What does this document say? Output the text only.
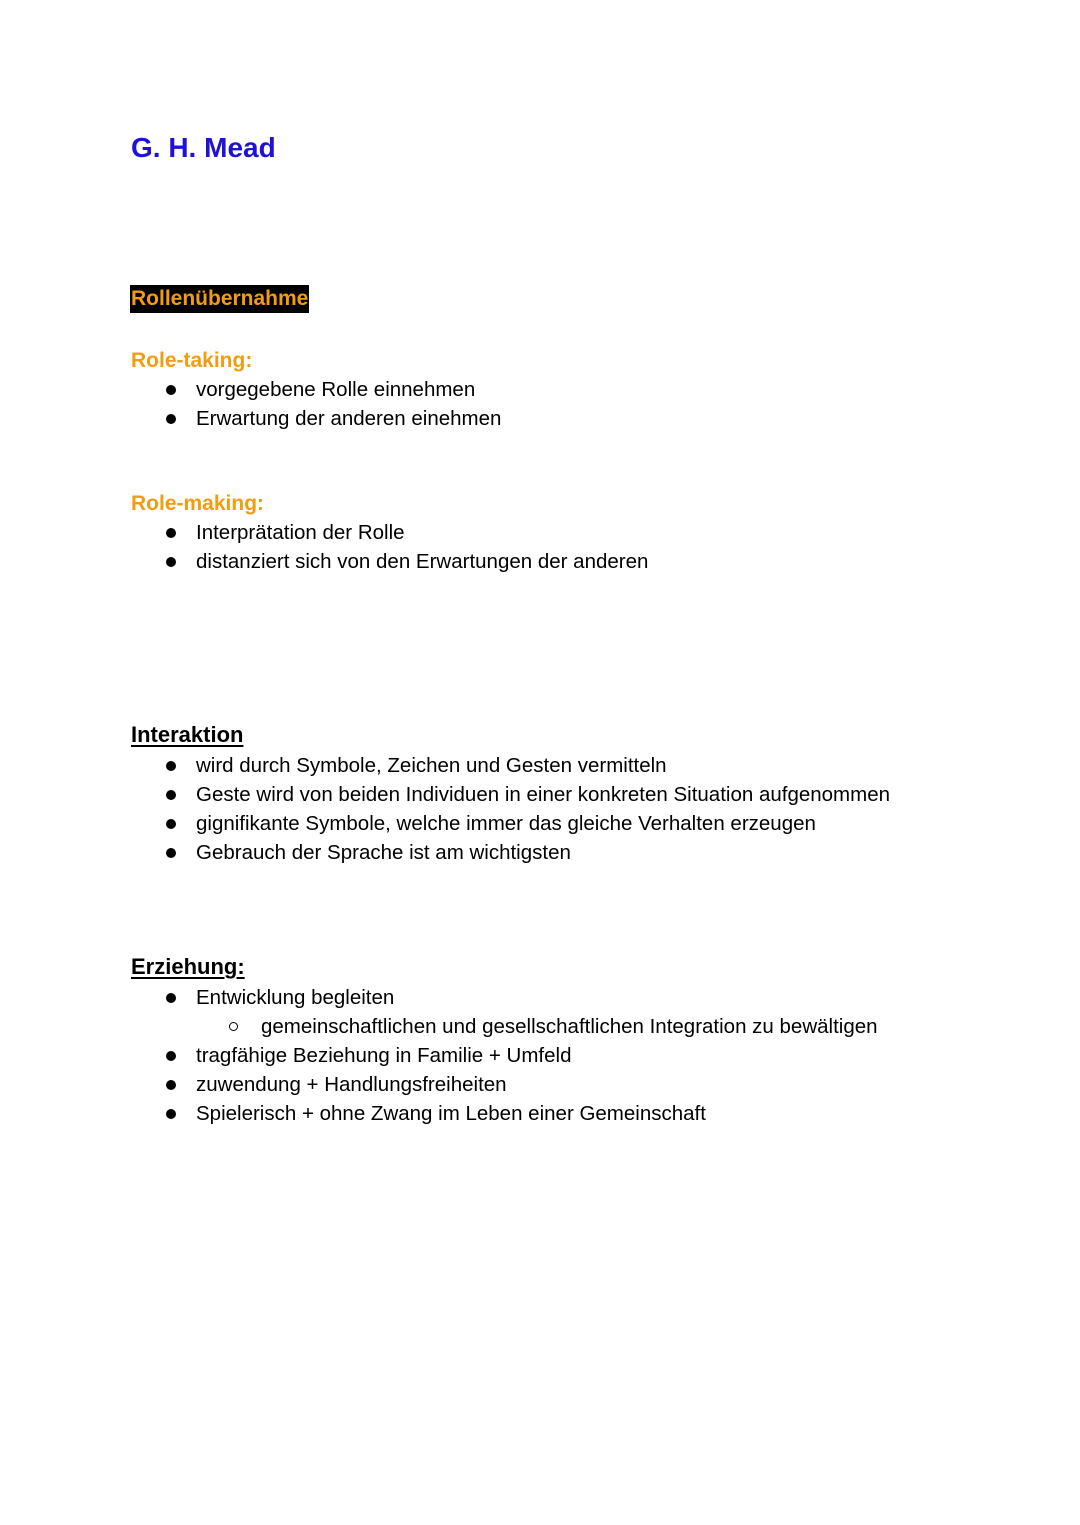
G. H. Mead
Rollenübernahme
Role-taking:
vorgegebene Rolle einnehmen
Erwartung der anderen einehmen
Role-making:
Interprätation der Rolle
distanziert sich von den Erwartungen der anderen
Interaktion
wird durch Symbole, Zeichen und Gesten vermitteln
Geste wird von beiden Individuen in einer konkreten Situation aufgenommen
gignifikante Symbole, welche immer das gleiche Verhalten erzeugen
Gebrauch der Sprache ist am wichtigsten
Erziehung:
Entwicklung begleiten
gemeinschaftlichen und gesellschaftlichen Integration zu bewältigen
tragfähige Beziehung in Familie + Umfeld
zuwendung + Handlungsfreiheiten
Spielerisch + ohne Zwang im Leben einer Gemeinschaft
